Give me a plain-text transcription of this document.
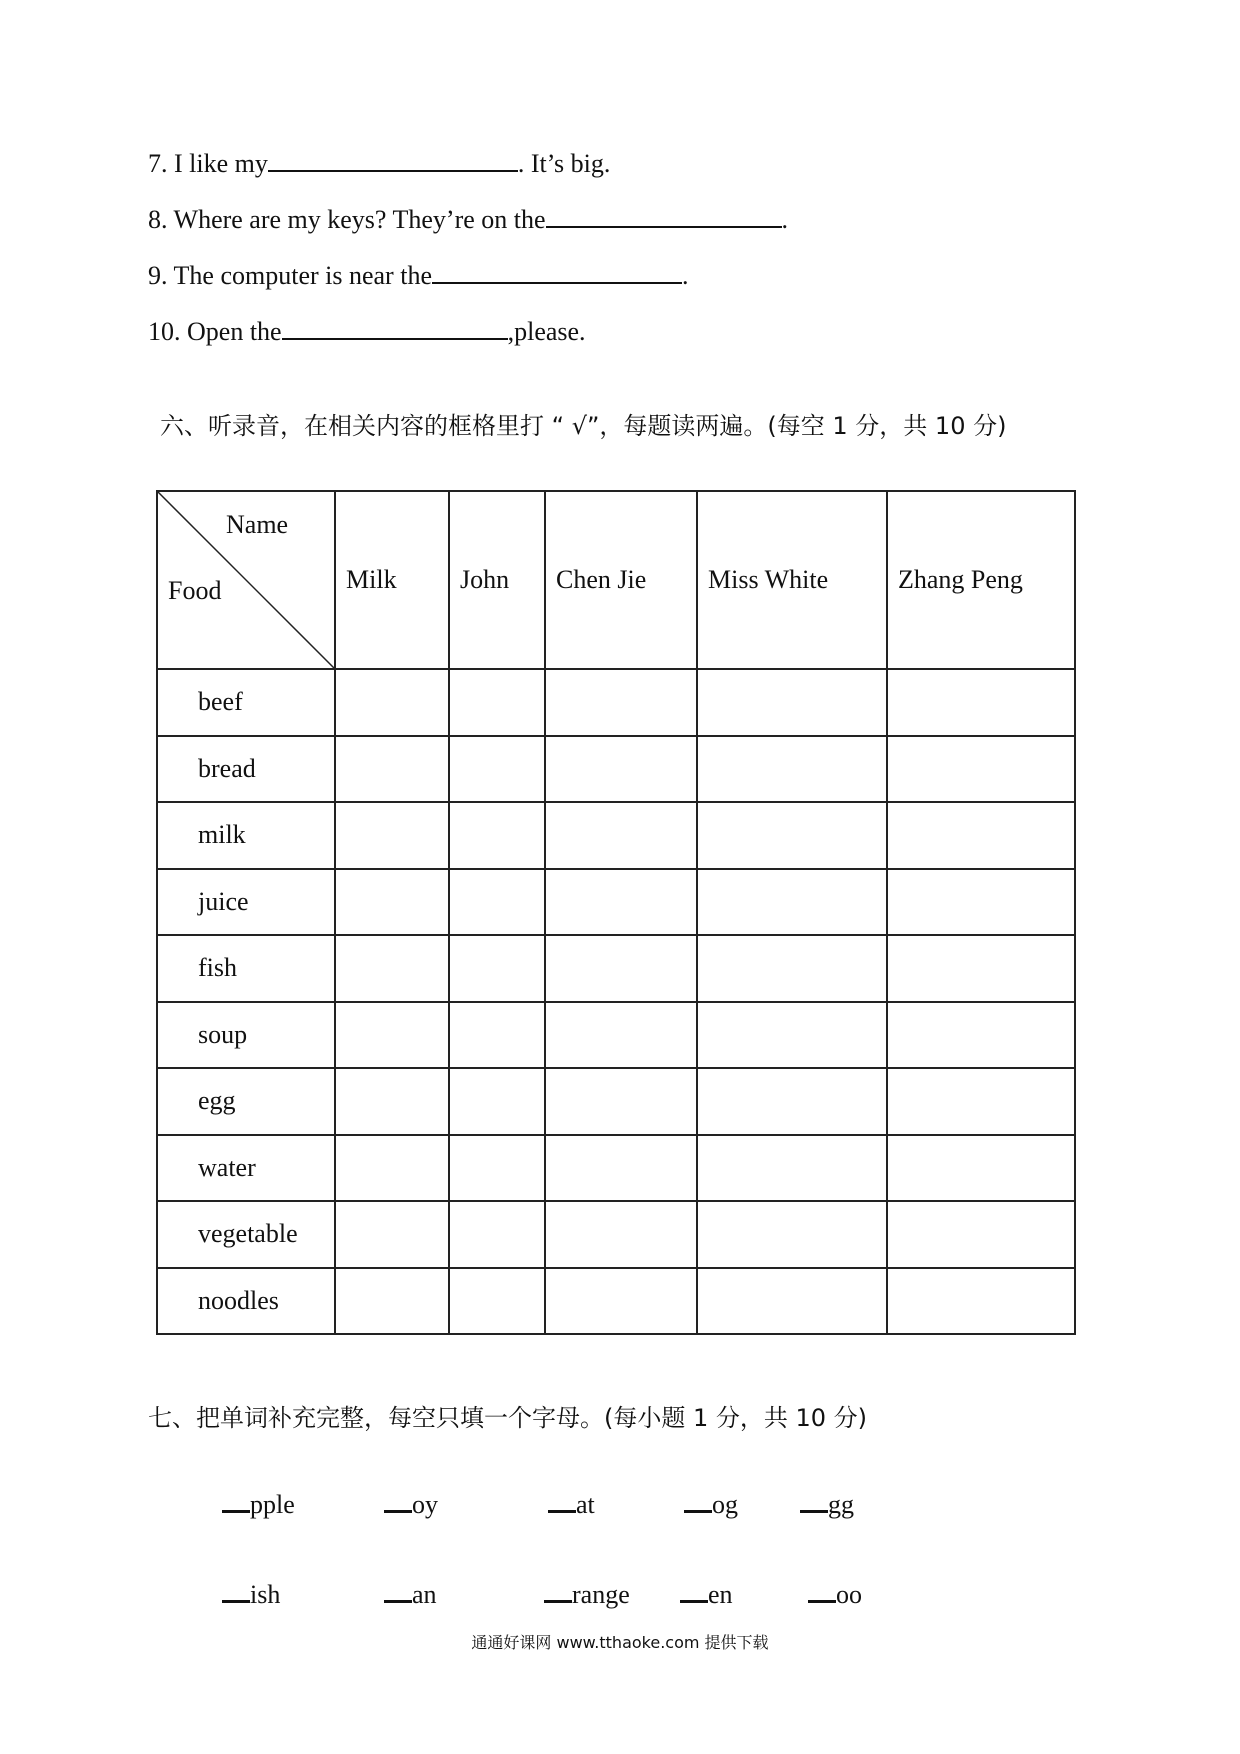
7. I like my	. It’s big.
8. Where are my keys? They’re on the	.
9. The computer is near the	.
10. Open the	,please.
六、听录音，在相关内容的框格里打 “ √”，每题读两遍。(每空 1 分，共 10 分)
Name
Food	Milk	John	Chen Jie	Miss White	Zhang Peng
beef					
bread					
milk					
juice					
fish					
soup					
egg					
water					
vegetable					
noodles					
七、把单词补充完整，每空只填一个字母。(每小题 1 分，共 10 分)
pple	oy	at	og	gg
ish	an	range	en	oo
通通好课网 www.tthaoke.com 提供下载
